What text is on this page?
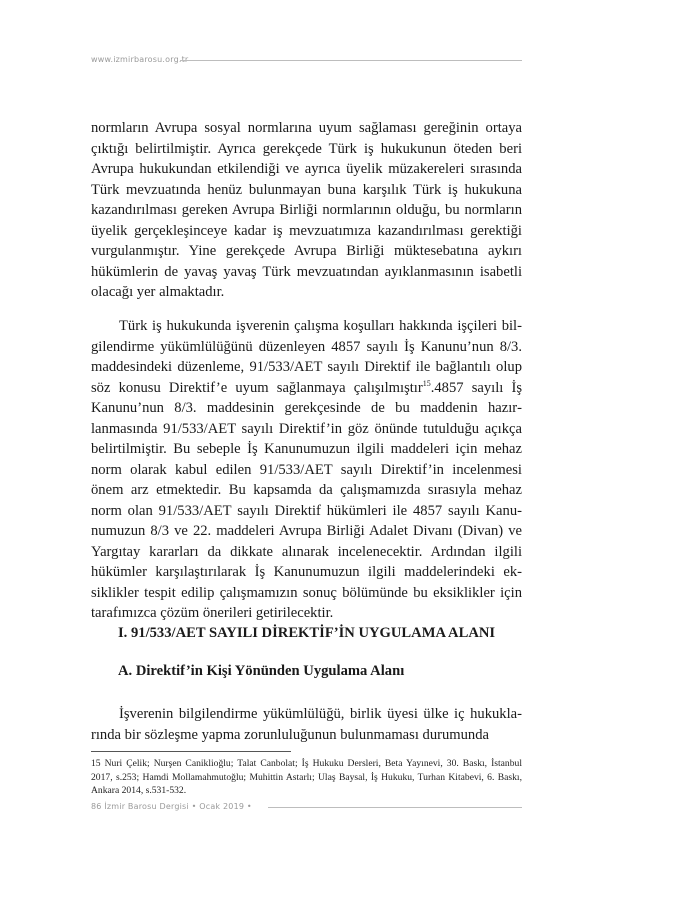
www.izmirbarosu.org.tr
normların Avrupa sosyal normlarına uyum sağlaması gereğinin ortaya çıktığı belirtilmiştir. Ayrıca gerekçede Türk iş hukukunun öteden beri Avrupa hukukundan etkilendiği ve ayrıca üyelik müzakereleri sırasında Türk mevzuatında henüz bulunmayan buna karşılık Türk iş hukukuna kazandırılması gereken Avrupa Birliği normlarının olduğu, bu normların üyelik gerçekleşinceye kadar iş mevzuatımıza kazandırılması gerektiği vurgulanmıştır. Yine gerekçede Avrupa Birliği müktesebatına aykırı hükümlerin de yavaş yavaş Türk mevzuatından ayıklanmasının isabetli olacağı yer almaktadır.
Türk iş hukukunda işverenin çalışma koşulları hakkında işçileri bilgilendirme yükümlülüğünü düzenleyen 4857 sayılı İş Kanunu’nun 8/3. maddesindeki düzenleme, 91/533/AET sayılı Direktif ile bağlantılı olup söz konusu Direktif’e uyum sağlanmaya çalışılmıştır$^{15}$.4857 sayılı İş Kanunu’nun 8/3. maddesinin gerekçesinde de bu maddenin hazırlanmasında 91/533/AET sayılı Direktif’in göz önünde tutulduğu açıkça belirtilmiştir. Bu sebeple İş Kanunumuzun ilgili maddeleri için mehaz norm olarak kabul edilen 91/533/AET sayılı Direktif’in incelenmesi önem arz etmektedir. Bu kapsamda da çalışmamızda sırasıyla mehaz norm olan 91/533/AET sayılı Direktif hükümleri ile 4857 sayılı Kanunumuzun 8/3 ve 22. maddeleri Avrupa Birliği Adalet Divanı (Divan) ve Yargıtay kararları da dikkate alınarak incelenecektir. Ardından ilgili hükümler karşılaştırılarak İş Kanunumuzun ilgili maddelerindeki eksiklikler tespit edilip çalışmamızın sonuç bölümünde bu eksiklikler için tarafımızca çözüm önerileri getirilecektir.
I. 91/533/AET SAYILI DİREKTİF’İN UYGULAMA ALANI
A. Direktif’in Kişi Yönünden Uygulama Alanı
İşverenin bilgilendirme yükümlülüğü, birlik üyesi ülke iç hukuklarında bir sözleşme yapma zorunluluğunun bulunmaması durumunda
15 Nuri Çelik; Nurşen Caniklioğlu; Talat Canbolat; İş Hukuku Dersleri, Beta Yayınevi, 30. Baskı, İstanbul 2017, s.253; Hamdi Mollamahmutoğlu; Muhittin Astarlı; Ulaş Baysal, İş Hukuku, Turhan Kitabevi, 6. Baskı, Ankara 2014, s.531-532.
86 İzmir Barosu Dergisi • Ocak 2019 •
